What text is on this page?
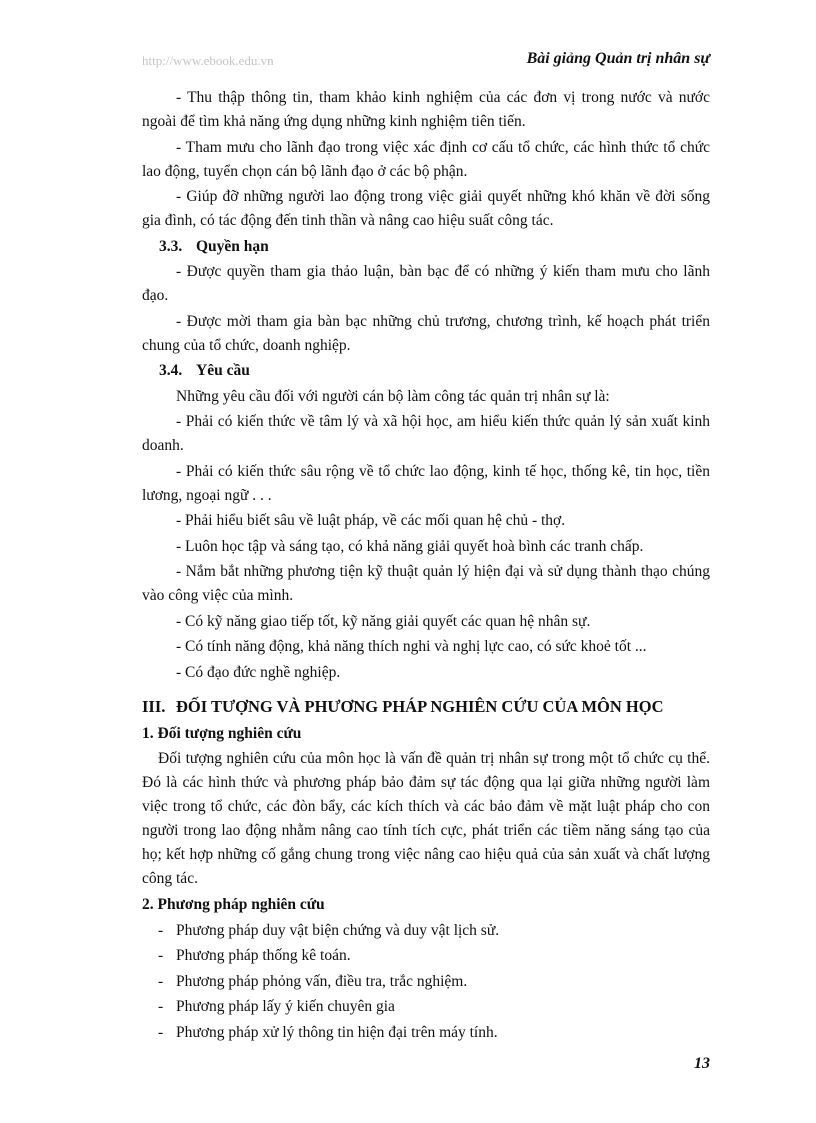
http://www.ebook.edu.vn	Bài giảng Quản trị nhân sự

- Thu thập thông tin, tham khảo kinh nghiệm của các đơn vị trong nước và nước ngoài để tìm khả năng ứng dụng những kinh nghiệm tiên tiến.

- Tham mưu cho lãnh đạo trong việc xác định cơ cấu tổ chức, các hình thức tổ chức lao động, tuyển chọn cán bộ lãnh đạo ở các bộ phận.

- Giúp đỡ những người lao động trong việc giải quyết những khó khăn về đời sống gia đình, có tác động đến tinh thần và nâng cao hiệu suất công tác.

3.3. Quyền hạn

- Được quyền tham gia thảo luận, bàn bạc để có những ý kiến tham mưu cho lãnh đạo.

- Được mời tham gia bàn bạc những chủ trương, chương trình, kế hoạch phát triển chung của tổ chức, doanh nghiệp.

3.4. Yêu cầu

Những yêu cầu đối với người cán bộ làm công tác quản trị nhân sự là:

- Phải có kiến thức về tâm lý và xã hội học, am hiểu kiến thức quản lý sản xuất kinh doanh.

- Phải có kiến thức sâu rộng về tổ chức lao động, kinh tế học, thống kê, tin học, tiền lương, ngoại ngữ . . .

- Phải hiểu biết sâu về luật pháp, về các mối quan hệ chủ - thợ.

- Luôn học tập và sáng tạo, có khả năng giải quyết hoà bình các tranh chấp.

- Nắm bắt những phương tiện kỹ thuật quản lý hiện đại và sử dụng thành thạo chúng vào công việc của mình.

- Có kỹ năng giao tiếp tốt, kỹ năng giải quyết các quan hệ nhân sự.

- Có tính năng động, khả năng thích nghi và nghị lực cao, có sức khoẻ tốt ...

- Có đạo đức nghề nghiệp.

III. ĐỐI TƯỢNG VÀ PHƯƠNG PHÁP NGHIÊN CỨU CỦA MÔN HỌC
1. Đối tượng nghiên cứu

Đối tượng nghiên cứu của môn học là vấn đề quản trị nhân sự trong một tổ chức cụ thể. Đó là các hình thức và phương pháp bảo đảm sự tác động qua lại giữa những người làm việc trong tổ chức, các đòn bẩy, các kích thích và các bảo đảm về mặt luật pháp cho con người trong lao động nhằm nâng cao tính tích cực, phát triển các tiềm năng sáng tạo của họ; kết hợp những cố gắng chung trong việc nâng cao hiệu quả của sản xuất và chất lượng công tác.

2. Phương pháp nghiên cứu
- Phương pháp duy vật biện chứng và duy vật lịch sử.
- Phương pháp thống kê toán.
- Phương pháp phỏng vấn, điều tra, trắc nghiệm.
- Phương pháp lấy ý kiến chuyên gia
- Phương pháp xử lý thông tin hiện đại trên máy tính.
13
